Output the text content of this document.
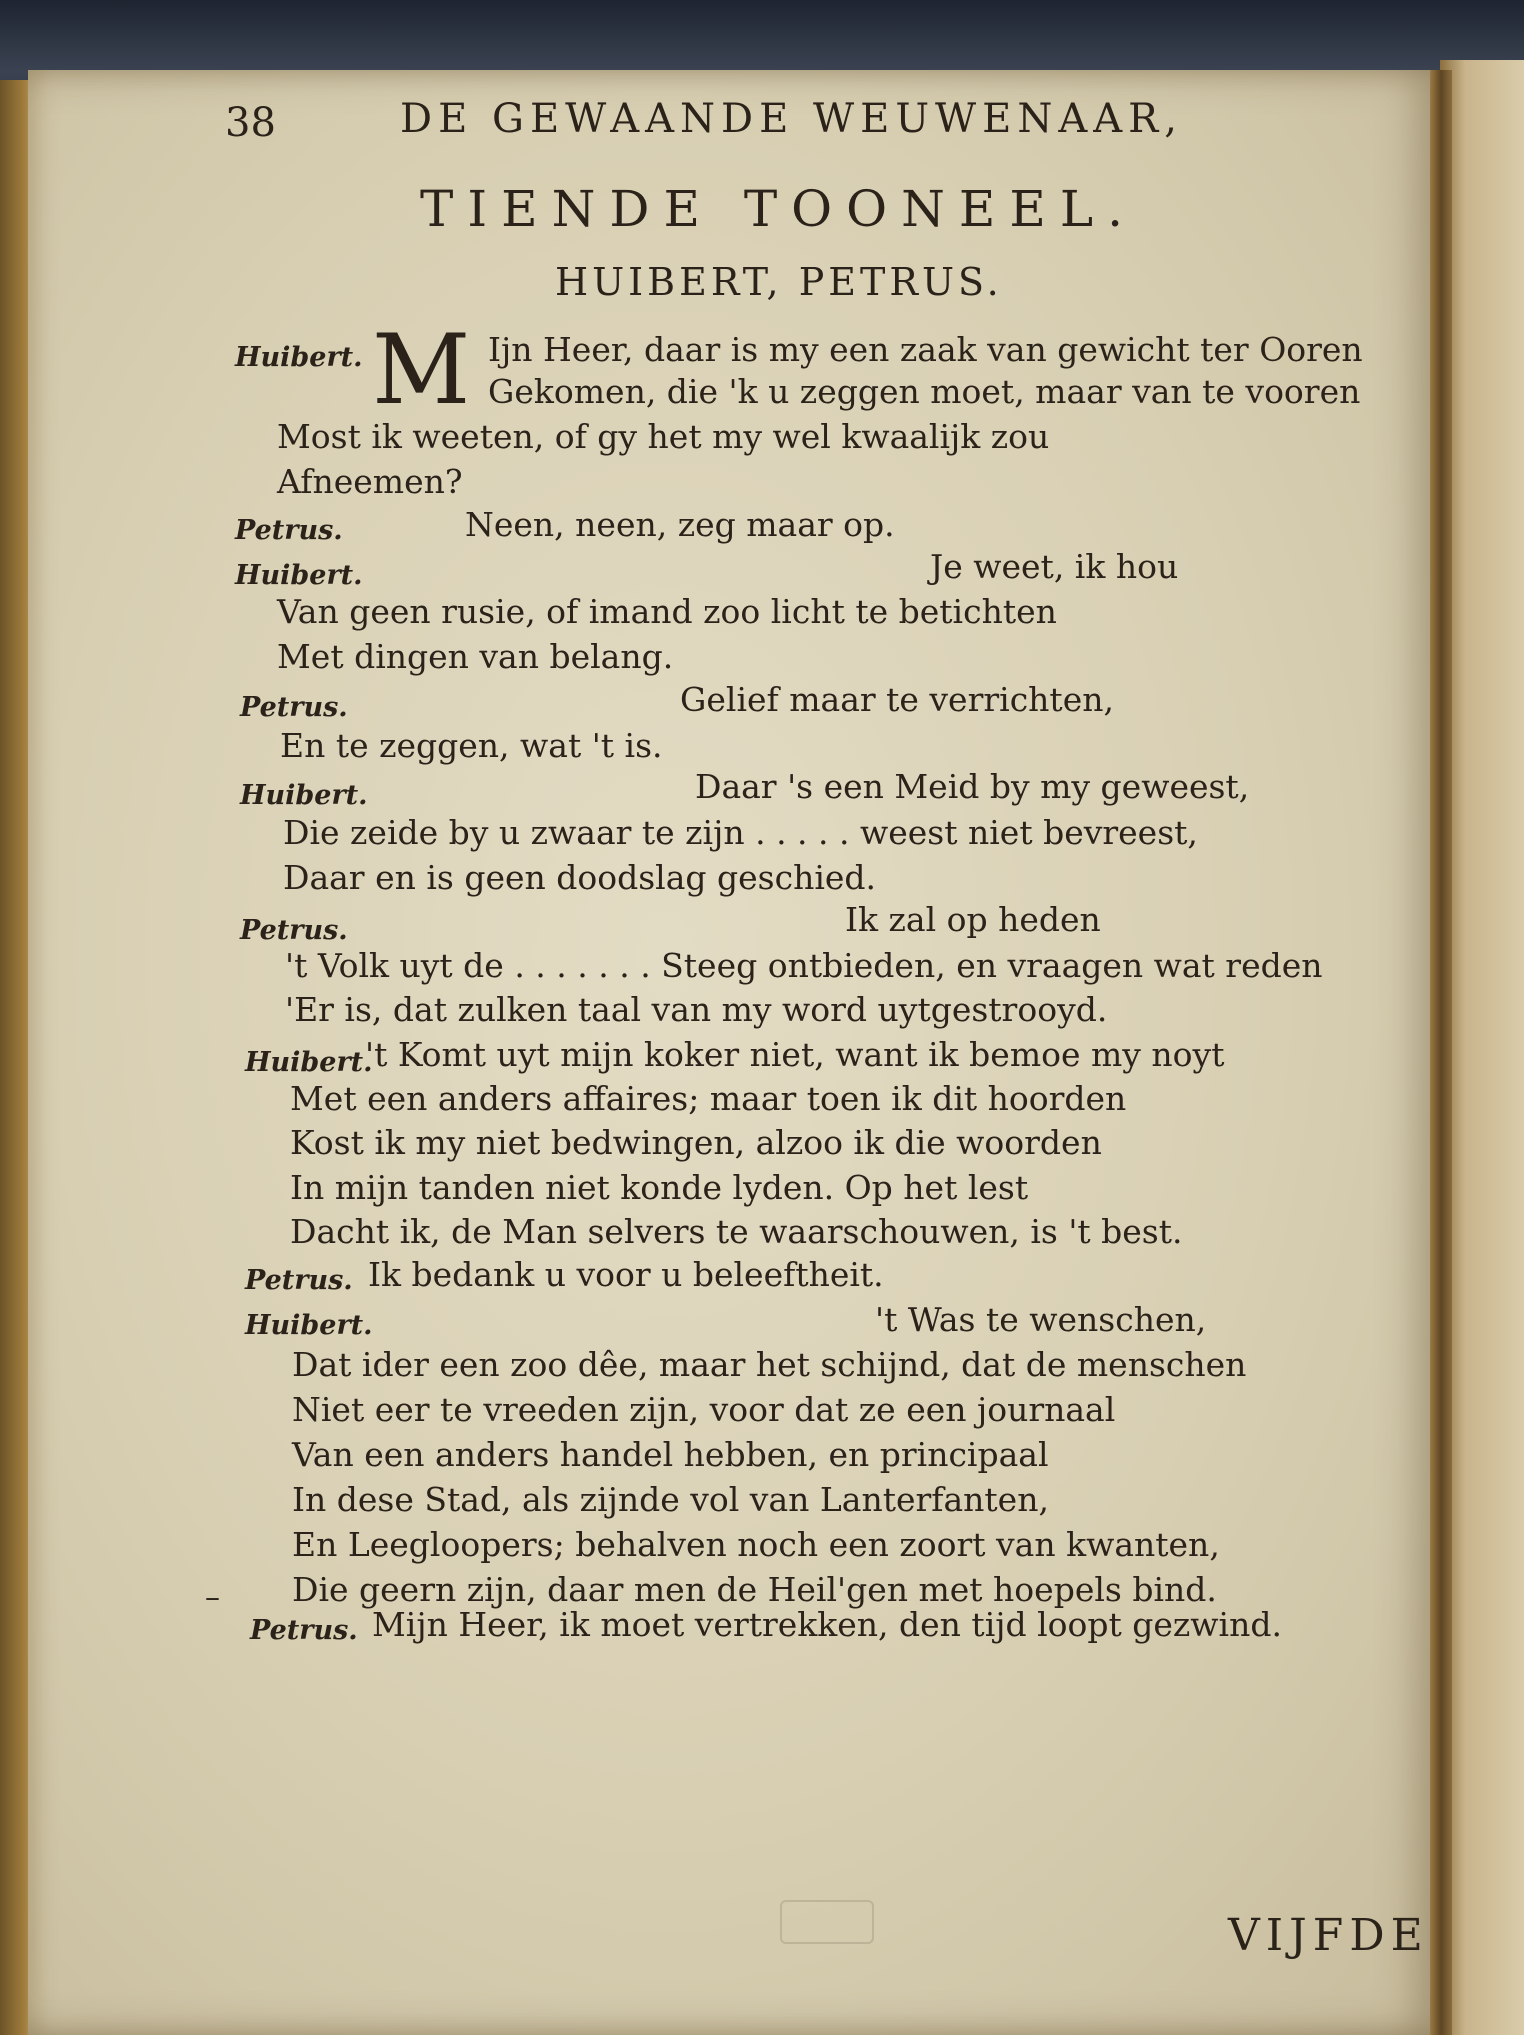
38	DE GEWAANDE WEUWENAAR,
TIENDE TOONEEL.
HUIBERT, PETRUS.
Huibert.
Petrus.
Huibert.
Petrus.
Huibert.
Petrus.
Huibert.
Petrus.
Huibert.
Petrus.
M Ijn Heer, daar is my een zaak van gewicht ter Ooren
Gekomen, die 'k u zeggen moet, maar van te vooren
Most ik weeten, of gy het my wel kwaalijk zou
Afneemen?
Neen, neen, zeg maar op.
Je weet, ik hou
Van geen rusie, of imand zoo licht te betichten
Met dingen van belang.
Gelief maar te verrichten,
En te zeggen, wat 't is.
Daar 's een Meid by my geweest,
Die zeide by u zwaar te zijn . . . . . weest niet bevreest,
Daar en is geen doodslag geschied.
Ik zal op heden
't Volk uyt de . . . . . . . Steeg ontbieden, en vraagen wat reden
'Er is, dat zulken taal van my word uytgestrooyd.
't Komt uyt mijn koker niet, want ik bemoe my noyt
Met een anders affaires; maar toen ik dit hoorden
Kost ik my niet bedwingen, alzoo ik die woorden
In mijn tanden niet konde lyden. Op het lest
Dacht ik, de Man selvers te waarschouwen, is 't best.
Ik bedank u voor u beleeftheit.
't Was te wenschen,
Dat ider een zoo dêe, maar het schijnd, dat de menschen
Niet eer te vreeden zijn, voor dat ze een journaal
Van een anders handel hebben, en principaal
In dese Stad, als zijnde vol van Lanterfanten,
En Leegloopers; behalven noch een zoort van kwanten,
Die geern zijn, daar men de Heil'gen met hoepels bind.
Mijn Heer, ik moet vertrekken, den tijd loopt gezwind.
–
VIJFDE
